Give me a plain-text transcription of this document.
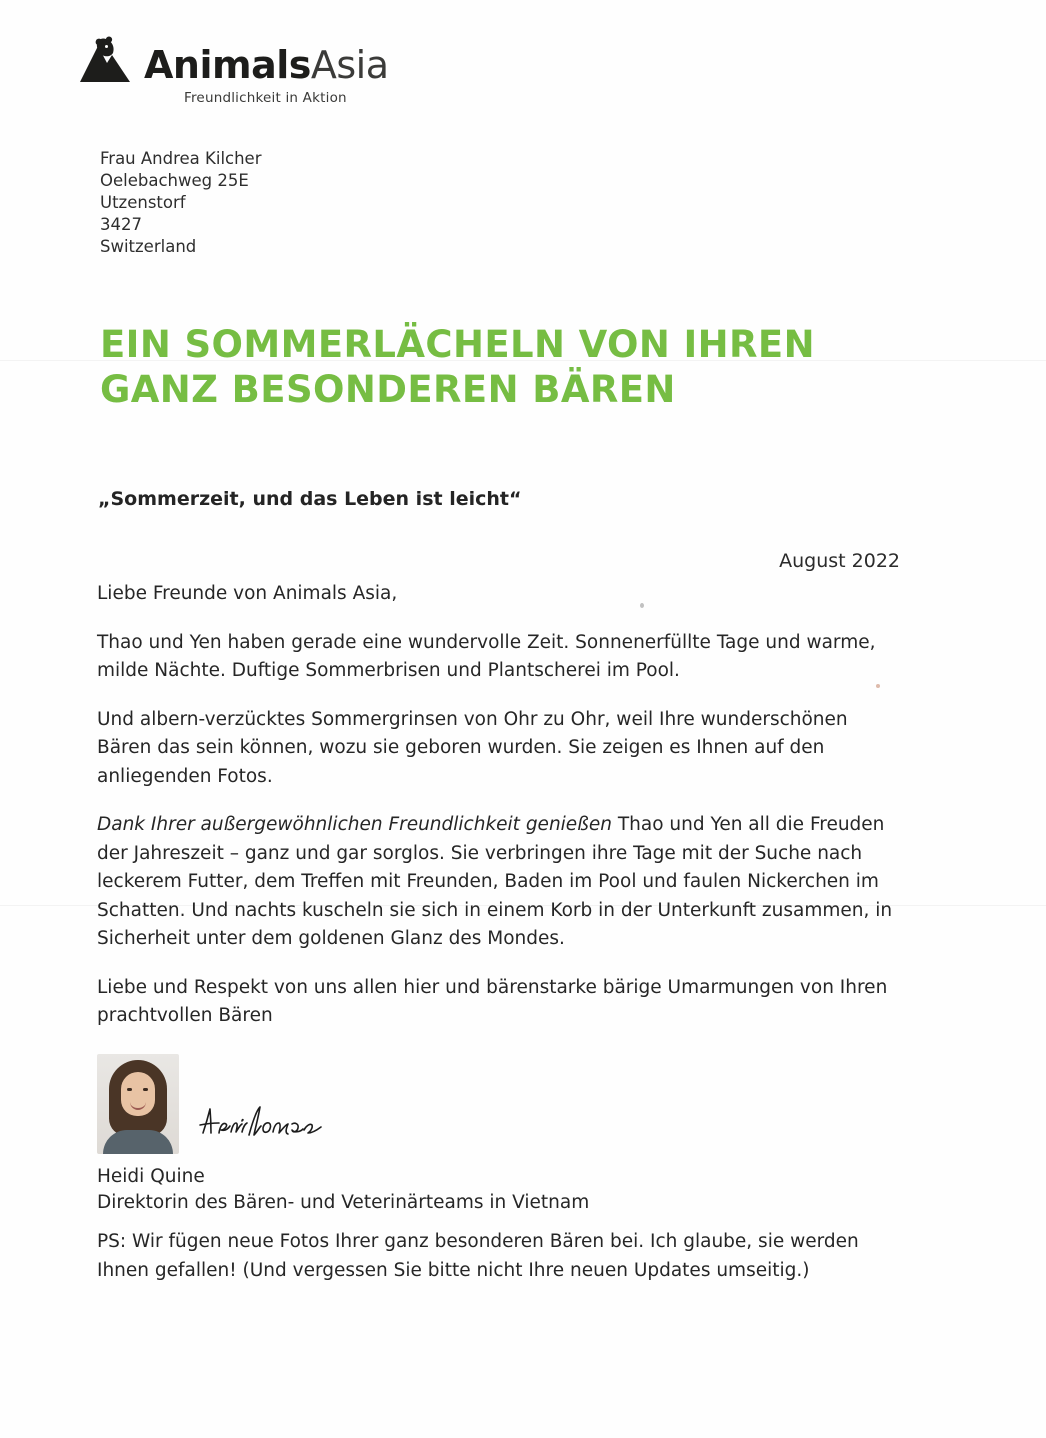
AnimalsAsia
Freundlichkeit in Aktion
Frau Andrea Kilcher
Oelebachweg 25E
Utzenstorf
3427
Switzerland
EIN SOMMERLÄCHELN VON IHREN GANZ BESONDEREN BÄREN
„Sommerzeit, und das Leben ist leicht“
August 2022

Liebe Freunde von Animals Asia,

Thao und Yen haben gerade eine wundervolle Zeit. Sonnenerfüllte Tage und warme, milde Nächte. Duftige Sommerbrisen und Plantscherei im Pool.

Und albern-verzücktes Sommergrinsen von Ohr zu Ohr, weil Ihre wunderschönen Bären das sein können, wozu sie geboren wurden. Sie zeigen es Ihnen auf den anliegenden Fotos.

Dank Ihrer außergewöhnlichen Freundlichkeit genießen Thao und Yen all die Freuden der Jahreszeit – ganz und gar sorglos. Sie verbringen ihre Tage mit der Suche nach leckerem Futter, dem Treffen mit Freunden, Baden im Pool und faulen Nickerchen im Schatten. Und nachts kuscheln sie sich in einem Korb in der Unterkunft zusammen, in Sicherheit unter dem goldenen Glanz des Mondes.

Liebe und Respekt von uns allen hier und bärenstarke bärige Umarmungen von Ihren prachtvollen Bären

Heidi Quine
Direktorin des Bären- und Veterinärteams in Vietnam
PS: Wir fügen neue Fotos Ihrer ganz besonderen Bären bei. Ich glaube, sie werden Ihnen gefallen! (Und vergessen Sie bitte nicht Ihre neuen Updates umseitig.)
